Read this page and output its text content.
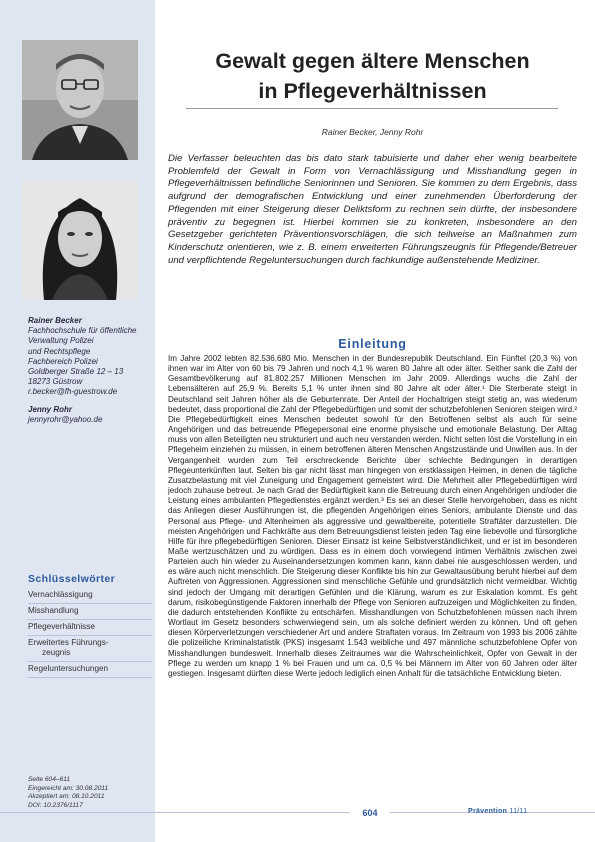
Rainer Becker
Fachhochschule für öffentliche
Verwaltung Polizei
und Rechtspflege
Fachbereich Polizei
Goldberger Straße 12 – 13
18273 Güstrow
r.becker@fh-guestrow.de
Jenny Rohr
jennyrohr@yahoo.de
Schlüsselwörter
Vernachlässigung
Misshandlung
Pflegeverhältnisse
Erweitertes Führungs-
zeugnis
Regeluntersuchungen
Seite 604–611
Eingereicht am: 30.08.2011
Akzeptiert am: 08.10.2011
DOI: 10.2376/1117
Gewalt gegen ältere Menschen
in Pflegeverhältnissen
Rainer Becker, Jenny Rohr
Die Verfasser beleuchten das bis dato stark tabuisierte und daher eher wenig bearbeitete Problemfeld der Gewalt in Form von Vernachlässigung und Misshandlung gegen in Pflegeverhältnissen befindliche Seniorinnen und Senioren. Sie kommen zu dem Ergebnis, dass aufgrund der demografischen Entwicklung und einer zunehmenden Überforderung der Pflegenden mit einer Steigerung dieser Deliktsform zu rechnen sein dürfte, der insbesondere präventiv zu begegnen ist. Hierbei kommen sie zu konkreten, insbesondere an den Gesetzgeber gerichteten Präventionsvorschlägen, die sich teilweise an Maßnahmen zum Kinderschutz orientieren, wie z. B. einem erweiterten Führungszeugnis für Pflegende/Betreuer und verpflichtende Regeluntersuchungen durch fachkundige außenstehende Mediziner.
Einleitung
Im Jahre 2002 lebten 82.536.680 Mio. Menschen in der Bundesrepublik Deutschland. Ein Fünftel (20,3 %) von ihnen war im Alter von 60 bis 79 Jahren und noch 4,1 % waren 80 Jahre alt oder älter. Seither sank die Zahl der Gesamtbevölkerung auf 81.802.257 Millionen Menschen im Jahr 2009. Allerdings wuchs die Zahl der Lebensälteren auf 25,9 %. Bereits 5,1 % unter ihnen sind 80 Jahre alt oder älter.¹ Die Sterberate steigt in Deutschland seit Jahren höher als die Geburtenrate. Der Anteil der Hochaltrigen steigt stetig an, was wiederum bedeutet, dass proportional die Zahl der Pflegebedürftigen und somit der schutzbefohlenen Senioren steigen wird.² Die Pflegebedürftigkeit eines Menschen bedeutet sowohl für den Betroffenen selbst als auch für seine Angehörigen und das betreuende Pflegepersonal eine enorme physische und emotionale Belastung. Der Alltag muss von allen Beteiligten neu strukturiert und auch neu verstanden werden. Nicht selten löst die Vorstellung in ein Pflegeheim einziehen zu müssen, in einem betroffenen älteren Menschen Angstzustände und Unwillen aus. In der Vergangenheit wurden zum Teil erschreckende Berichte über schlechte Bedingungen in derartigen Pflegeunterkünften laut. Selten bis gar nicht lässt man hingegen von erstklassigen Heimen, in denen die tägliche Zusatzbelastung mit viel Zuneigung und Engagement gemeistert wird. Die Mehrheit aller Pflegebedürftigen wird jedoch zuhause betreut. Je nach Grad der Bedürftigkeit kann die Betreuung durch einen Angehörigen und/oder die Leistung eines ambulanten Pflegedienstes ergänzt werden.³ Es sei an dieser Stelle hervorgehoben, dass es nicht das Anliegen dieser Ausführungen ist, die pflegenden Angehörigen eines Seniors, ambulante Dienste und das Personal aus Pflege- und Altenheimen als aggressive und gewaltbereite, potentielle Straftäter darzustellen. Die meisten Angehörigen und Fachkräfte aus dem Betreuungsdienst leisten jeden Tag eine liebevolle und fürsorgliche Hilfe für ihre pflegebedürftigen Senioren. Dieser Einsatz ist keine Selbstverständlichkeit, und er ist im besonderen Maße wertzuschätzen und zu würdigen. Dass es in einem doch vorwiegend intimen Verhältnis zwischen zwei Parteien auch hin wieder zu Auseinandersetzungen kommen kann, kann dabei nie ausgeschlossen werden, und es wäre auch nicht menschlich. Die Steigerung dieser Konflikte bis hin zur Gewaltausübung beruht hierbei auf dem Auftreten von Aggressionen. Aggressionen sind menschliche Gefühle und grundsätzlich nicht vermeidbar. Wichtig sind jedoch der Umgang mit derartigen Gefühlen und die Klärung, warum es zur Eskalation kommt. Es geht darum, risikobegünstigende Faktoren innerhalb der Pflege von Senioren aufzuzeigen und Möglichkeiten zu finden, die dadurch entstehenden Konflikte zu entschärfen. Misshandlungen von Schutzbefohlenen müssen nach ihrem Wortlaut im Gesetz besonders schwerwiegend sein, um als solche definiert werden zu können. Und oft gehen diesen Körperverletzungen verschiedener Art und andere Straftaten voraus. Im Zeitraum von 1993 bis 2006 zählte die polizeiliche Kriminalstatistik (PKS) insgesamt 1.543 weibliche und 497 männliche schutzbefohlene Opfer von Misshandlungen bundesweit. Innerhalb dieses Zeitraumes war die Wahrscheinlichkeit, Opfer von Gewalt in der Pflege zu werden um knapp 1 % bei Frauen und um ca. 0,5 % bei Männern im Alter von 60 Jahren oder älter gestiegen. Insgesamt dürften diese Werte jedoch lediglich einen Anhalt für die tatsächliche Entwicklung bieten.
604	Prävention 11/11
